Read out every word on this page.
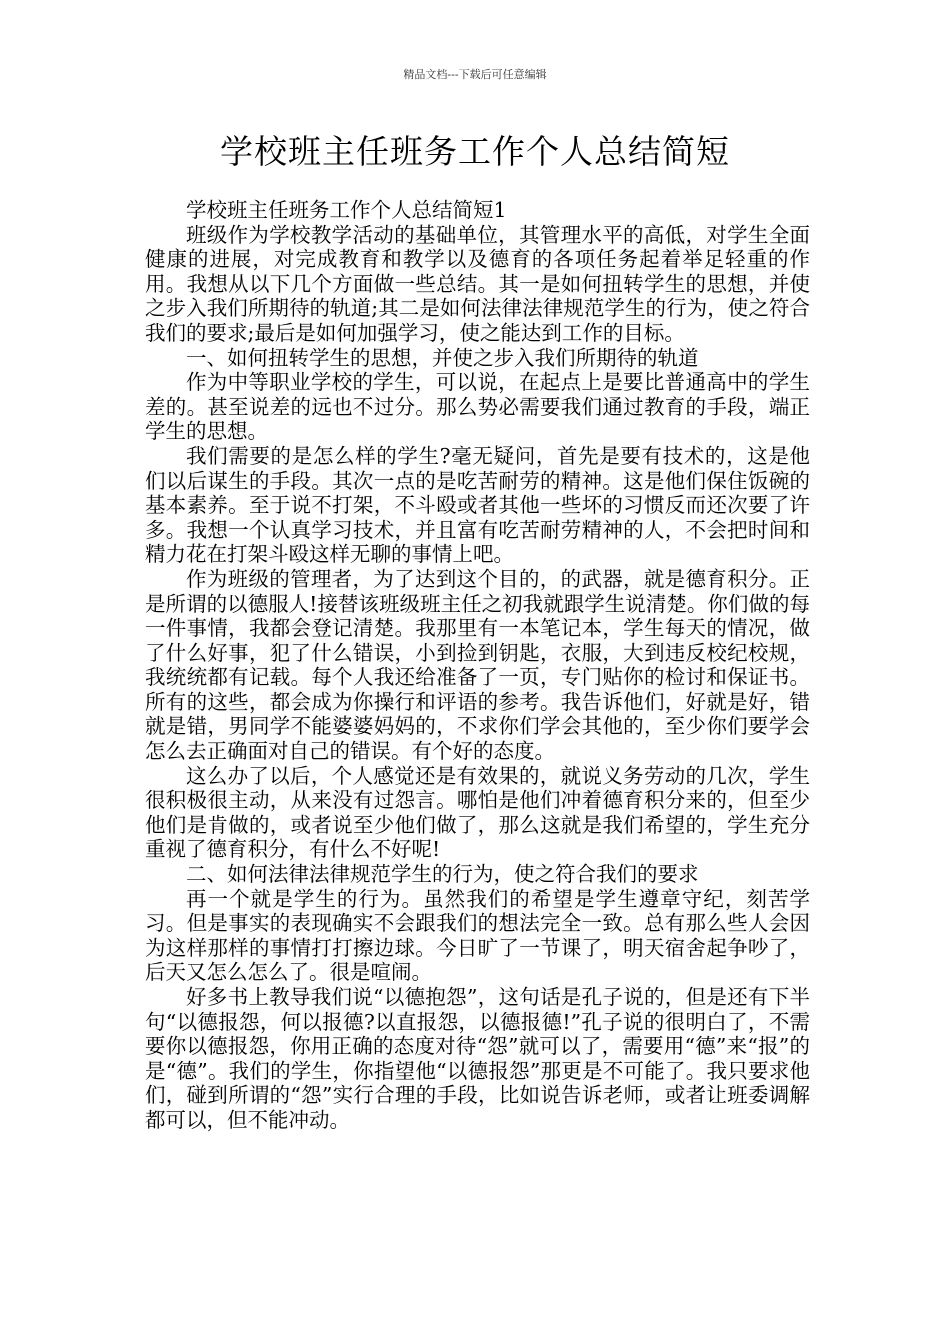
精品文档---下载后可任意编辑
学校班主任班务工作个人总结简短

学校班主任班务工作个人总结简短1

班级作为学校教学活动的基础单位，其管理水平的高低，对学生全面健康的进展，对完成教育和教学以及德育的各项任务起着举足轻重的作用。我想从以下几个方面做一些总结。其一是如何扭转学生的思想，并使之步入我们所期待的轨道;其二是如何法律法律规范学生的行为，使之符合我们的要求;最后是如何加强学习，使之能达到工作的目标。

一、如何扭转学生的思想，并使之步入我们所期待的轨道

作为中等职业学校的学生，可以说，在起点上是要比普通高中的学生差的。甚至说差的远也不过分。那么势必需要我们通过教育的手段，端正学生的思想。

我们需要的是怎么样的学生?毫无疑问，首先是要有技术的，这是他们以后谋生的手段。其次一点的是吃苦耐劳的精神。这是他们保住饭碗的基本素养。至于说不打架，不斗殴或者其他一些坏的习惯反而还次要了许多。我想一个认真学习技术，并且富有吃苦耐劳精神的人，不会把时间和精力花在打架斗殴这样无聊的事情上吧。

作为班级的管理者，为了达到这个目的，的武器，就是德育积分。正是所谓的以德服人!接替该班级班主任之初我就跟学生说清楚。你们做的每一件事情，我都会登记清楚。我那里有一本笔记本，学生每天的情况，做了什么好事，犯了什么错误，小到捡到钥匙，衣服，大到违反校纪校规，我统统都有记载。每个人我还给准备了一页，专门贴你的检讨和保证书。所有的这些，都会成为你操行和评语的参考。我告诉他们，好就是好，错就是错，男同学不能婆婆妈妈的，不求你们学会其他的，至少你们要学会怎么去正确面对自己的错误。有个好的态度。

这么办了以后，个人感觉还是有效果的，就说义务劳动的几次，学生很积极很主动，从来没有过怨言。哪怕是他们冲着德育积分来的，但至少他们是肯做的，或者说至少他们做了，那么这就是我们希望的，学生充分重视了德育积分，有什么不好呢!

二、如何法律法律规范学生的行为，使之符合我们的要求

再一个就是学生的行为。虽然我们的希望是学生遵章守纪，刻苦学习。但是事实的表现确实不会跟我们的想法完全一致。总有那么些人会因为这样那样的事情打打擦边球。今日旷了一节课了，明天宿舍起争吵了，后天又怎么怎么了。很是喧闹。

好多书上教导我们说“以德抱怨”，这句话是孔子说的，但是还有下半句“以德报怨，何以报德?以直报怨，以德报德!”孔子说的很明白了，不需要你以德报怨，你用正确的态度对待“怨”就可以了，需要用“德”来“报”的是“德”。我们的学生，你指望他“以德报怨”那更是不可能了。我只要求他们，碰到所谓的“怨”实行合理的手段，比如说告诉老师，或者让班委调解都可以，但不能冲动。
